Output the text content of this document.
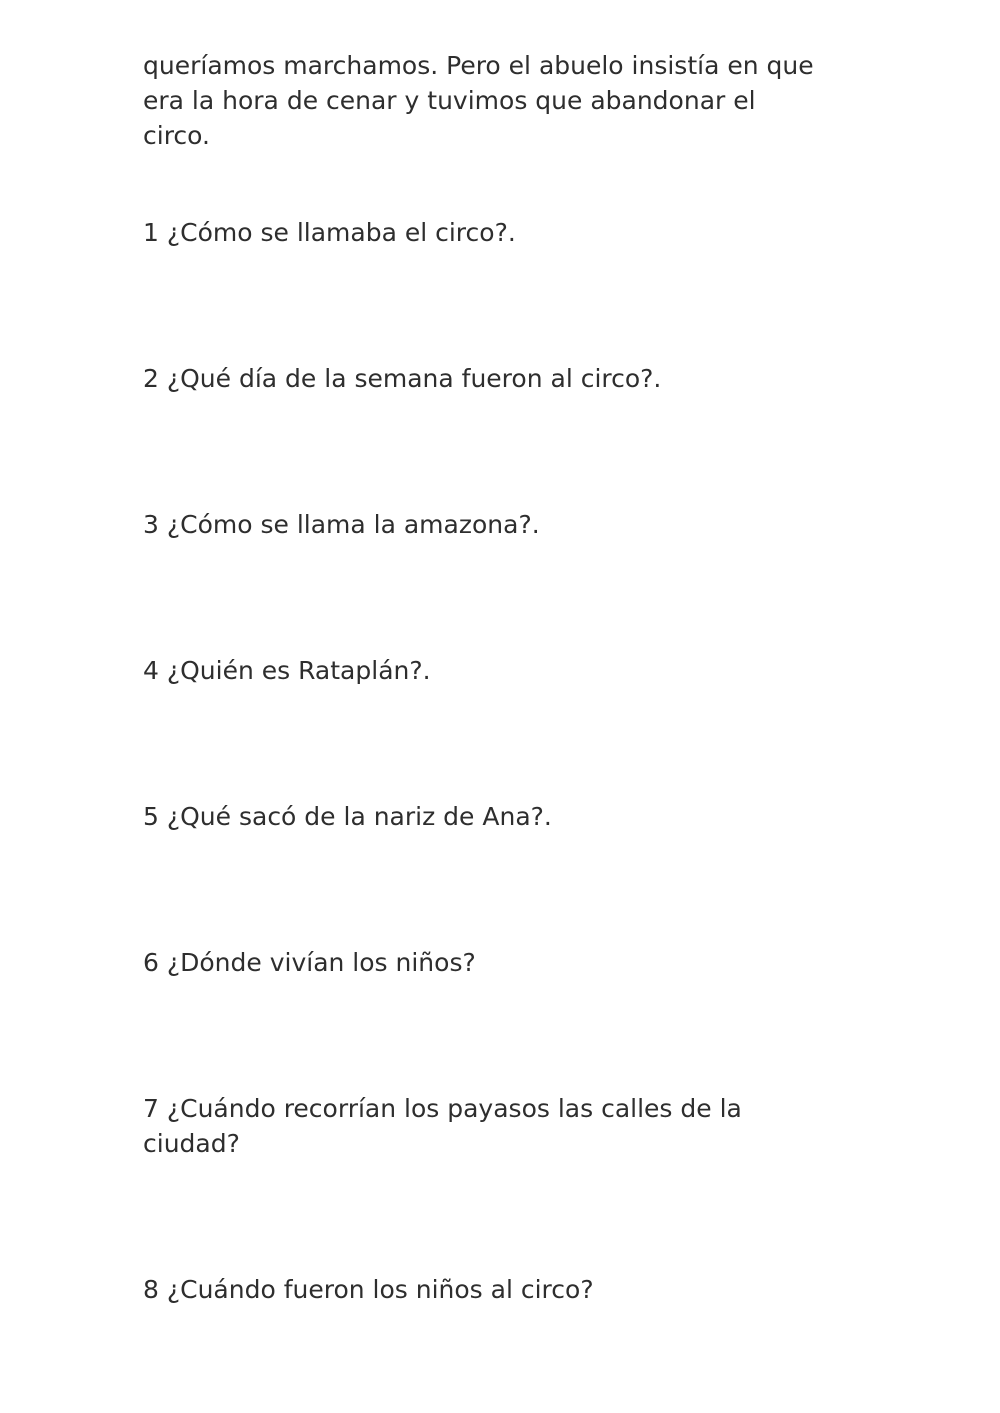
queríamos marchamos. Pero el abuelo insistía en que
era la hora de cenar y tuvimos que abandonar el
circo.

1 ¿Cómo se llamaba el circo?.

2 ¿Qué día de la semana fueron al circo?.

3 ¿Cómo se llama la amazona?.

4 ¿Quién es Rataplán?.

5 ¿Qué sacó de la nariz de Ana?.

6 ¿Dónde vivían los niños?

7 ¿Cuándo recorrían los payasos las calles de la
ciudad?

8 ¿Cuándo fueron los niños al circo?
